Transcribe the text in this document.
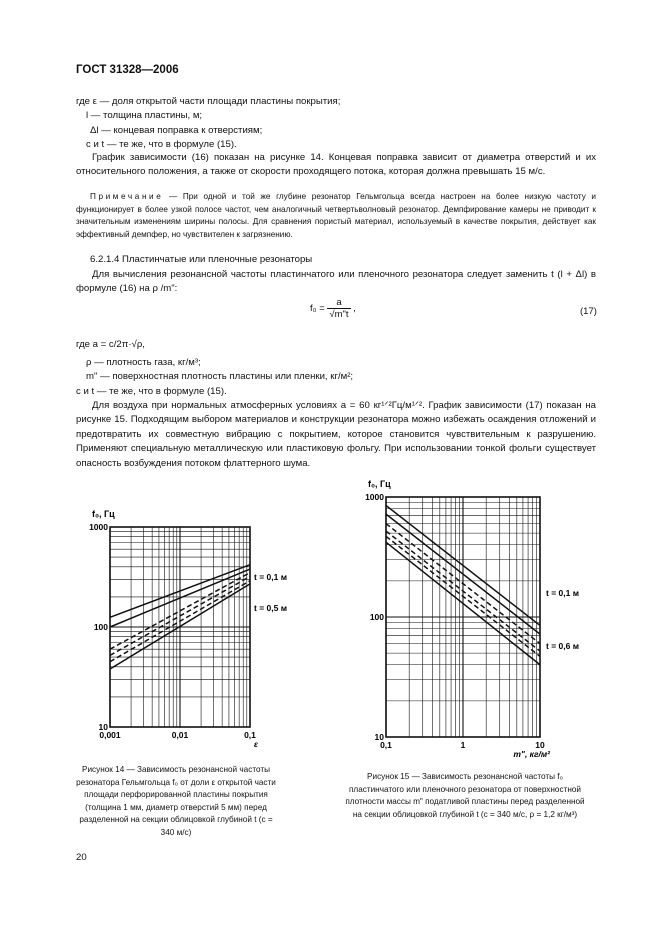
ГОСТ 31328—2006
где ε — доля открытой части площади пластины покрытия;
l — толщина пластины, м;
Δl — концевая поправка к отверстиям;
с и t — те же, что в формуле (15).

График зависимости (16) показан на рисунке 14. Концевая поправка зависит от диаметра отверстий и их относительного положения, а также от скорости проходящего потока, которая должна превышать 15 м/с.

Примечание — При одной и той же глубине резонатор Гельмгольца всегда настроен на более низкую частоту и функционирует в более узкой полосе частот, чем аналогичный четвертьволновый резонатор. Демпфирование камеры не приводит к значительным изменениям ширины полосы. Для сравнения пористый материал, используемый в качестве покрытия, действует как эффективный демпфер, но чувствителен к загрязнению.
6.2.1.4 Пластинчатые или пленочные резонаторы

Для вычисления резонансной частоты пластинчатого или пленочного резонатора следует заменить t (l + Δl) в формуле (16) на ρ /m":

$f_0 = \frac{a}{√m"t}$ ,	(17)
где a = c/2π·√ρ,
ρ — плотность газа, кг/м³;
m" — поверхностная плотность пластины или пленки, кг/м²;
с и t — те же, что в формуле (15).

Для воздуха при нормальных атмосферных условиях а = 60 кг¹ᐟ²Гц/м¹ᐟ². График зависимости (17) показан на рисунке 15. Подходящим выбором материалов и конструкции резонатора можно избежать осаждения отложений и предотвратить их совместную вибрацию с покрытием, которое становится чувствительным к разрушению. Применяют специальную металлическую или пластиковую фольгу. При использовании тонкой фольги существует опасность возбуждения потоком флаттерного шума.

0,001	0,01	0,1
10
100
1000
f₀, Гц
ε
t = 0,1 м
t = 0,5 м
0,1	1	10
10
100
1000
f₀, Гц
m", кг/м²
t = 0,1 м
t = 0,6 м
Рисунок 14 — Зависимость резонансной частоты резонатора Гельмгольца f₀ от доли ε открытой части площади перфорированной пластины покрытия (толщина 1 мм, диаметр отверстий 5 мм) перед разделенной на секции облицовкой глубиной t (с = 340 м/с)
Рисунок 15 — Зависимость резонансной частоты f₀ пластинчатого или пленочного резонатора от поверхностной плотности массы m" податливой пластины перед разделенной на секции облицовкой глубиной t (с = 340 м/с, ρ = 1,2 кг/м³)
20
